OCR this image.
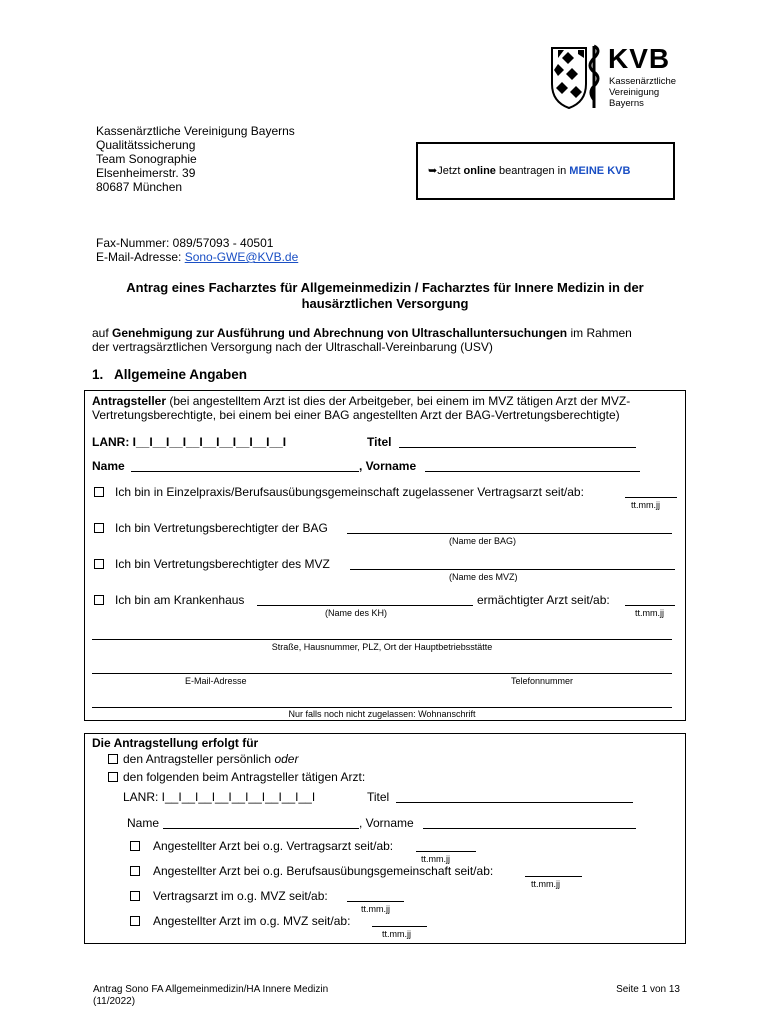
KVB
Kassenärztliche
Vereinigung
Bayerns
Kassenärztliche Vereinigung Bayerns
Qualitätssicherung
Team Sonographie
Elsenheimerstr. 39
80687 München
➥Jetzt online beantragen in MEINE KVB
Fax-Nummer: 089/57093 - 40501
E-Mail-Adresse: Sono-GWE@KVB.de
Antrag eines Facharztes für Allgemeinmedizin / Facharztes für Innere Medizin in der
hausärztlichen Versorgung
auf Genehmigung zur Ausführung und Abrechnung von Ultraschalluntersuchungen im Rahmen
der vertragsärztlichen Versorgung nach der Ultraschall-Vereinbarung (USV)
1.   Allgemeine Angaben
Antragsteller (bei angestelltem Arzt ist dies der Arbeitgeber, bei einem im MVZ tätigen Arzt der MVZ-
Vertretungsberechtigte, bei einem bei einer BAG angestellten Arzt der BAG-Vertretungsberechtigte)
LANR: I__I__I__I__I__I__I__I__I__I	Titel
Name	, Vorname
Ich bin in Einzelpraxis/Berufsausübungsgemeinschaft zugelassener Vertragsarzt seit/ab:
tt.mm.jj
Ich bin Vertretungsberechtigter der BAG
(Name der BAG)
Ich bin Vertretungsberechtigter des MVZ
(Name des MVZ)
Ich bin am Krankenhaus
(Name des KH)
ermächtigter Arzt seit/ab:
tt.mm.jj
Straße, Hausnummer, PLZ, Ort der Hauptbetriebsstätte
E-Mail-Adresse	Telefonnummer
Nur falls noch nicht zugelassen: Wohnanschrift
Die Antragstellung erfolgt für
den Antragsteller persönlich oder
den folgenden beim Antragsteller tätigen Arzt:
LANR: I__I__I__I__I__I__I__I__I__I	Titel
Name	, Vorname
Angestellter Arzt bei o.g. Vertragsarzt seit/ab:
tt.mm.jj
Angestellter Arzt bei o.g. Berufsausübungsgemeinschaft seit/ab:
tt.mm.jj
Vertragsarzt im o.g. MVZ seit/ab:
tt.mm.jj
Angestellter Arzt im o.g. MVZ seit/ab:
tt.mm.jj
Antrag Sono FA Allgemeinmedizin/HA Innere Medizin
(11/2022)
Seite 1 von 13
